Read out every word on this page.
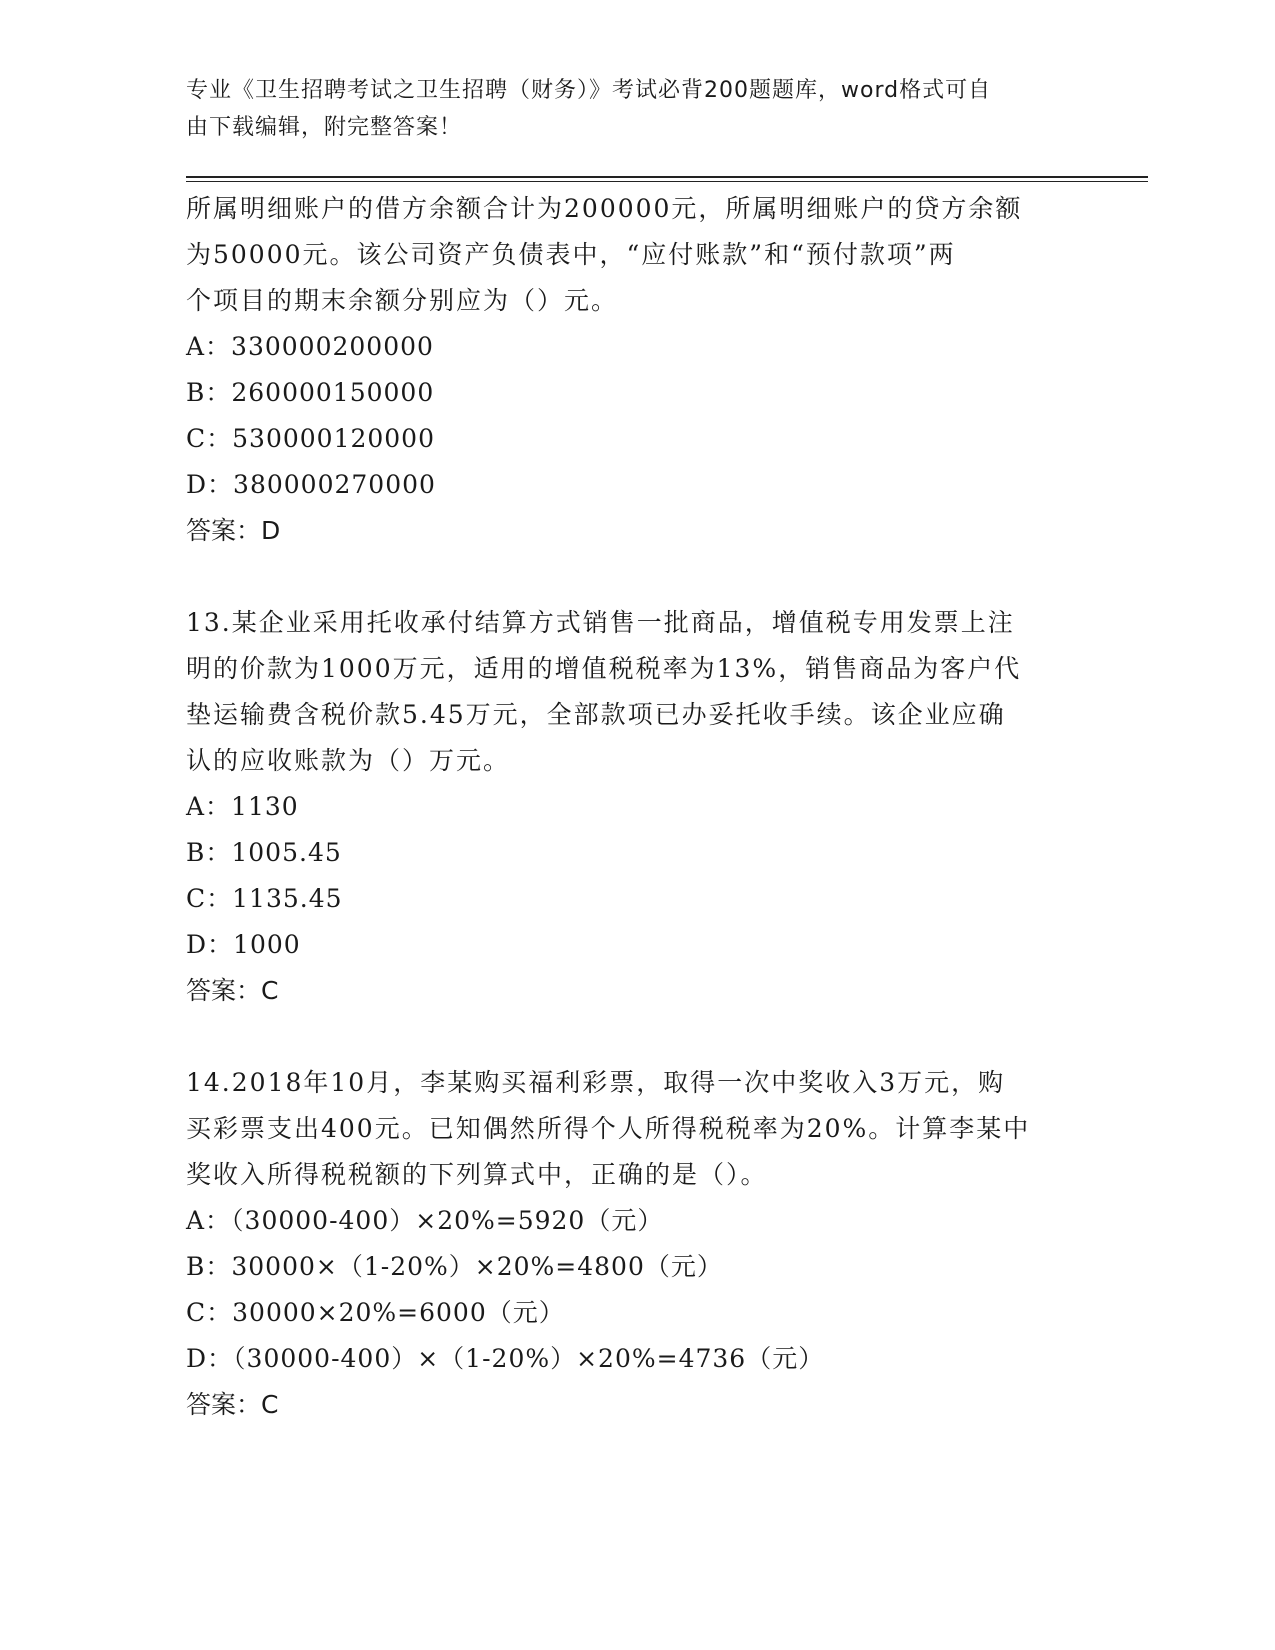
专业《卫生招聘考试之卫生招聘（财务）》考试必背200题题库，word格式可自
由下载编辑，附完整答案！

所属明细账户的借方余额合计为200000元，所属明细账户的贷方余额

为50000元。该公司资产负债表中，“应付账款”和“预付款项”两

个项目的期末余额分别应为（）元。

A：330000200000

B：260000150000

C：530000120000

D：380000270000

答案：D

13.某企业采用托收承付结算方式销售一批商品，增值税专用发票上注

明的价款为1000万元，适用的增值税税率为13%，销售商品为客户代

垫运输费含税价款5.45万元，全部款项已办妥托收手续。该企业应确

认的应收账款为（）万元。

A：1130

B：1005.45

C：1135.45

D：1000

答案：C

14.2018年10月，李某购买福利彩票，取得一次中奖收入3万元，购

买彩票支出400元。已知偶然所得个人所得税税率为20%。计算李某中

奖收入所得税税额的下列算式中，正确的是（）。

A：（30000-400）×20%=5920（元）

B：30000×（1-20%）×20%=4800（元）

C：30000×20%=6000（元）

D：（30000-400）×（1-20%）×20%=4736（元）

答案：C
